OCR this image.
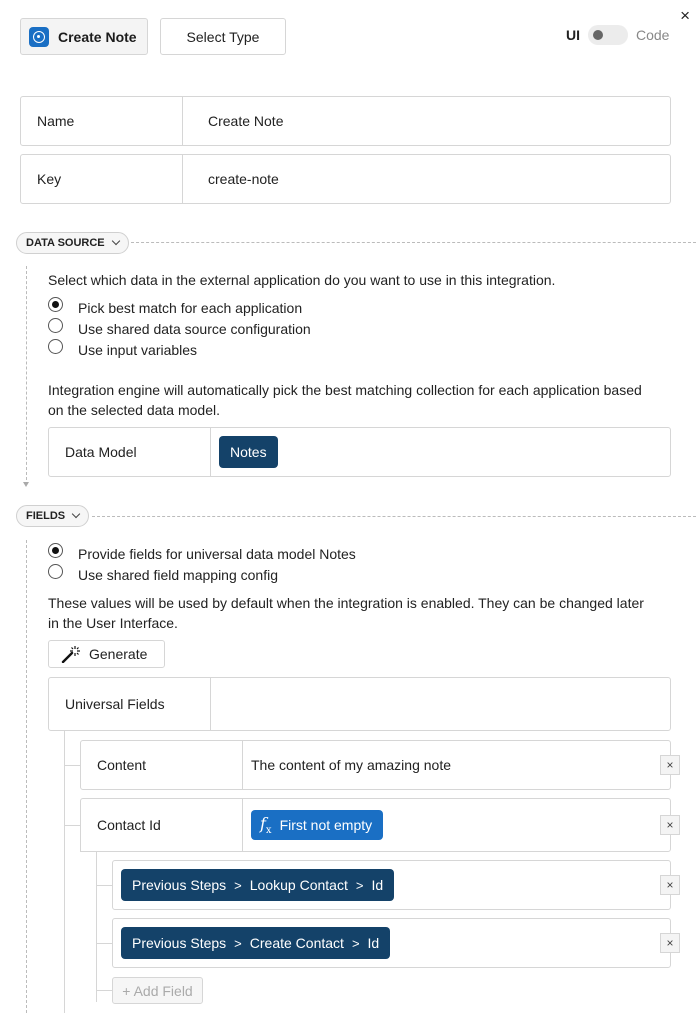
Create Note	Select Type
×
UI	Code
Name	Create Note
Key	create-note
DATA SOURCE
Select which data in the external application do you want to use in this integration.
Pick best match for each application
Use shared data source configuration
Use input variables
Integration engine will automatically pick the best matching collection for each application based
on the selected data model.
Data Model	Notes
FIELDS
Provide fields for universal data model Notes
Use shared field mapping config
These values will be used by default when the integration is enabled. They can be changed later
in the User Interface.
Generate
Universal Fields
Content	The content of my amazing note	×
Contact Id	$f_x$ First not empty	×
Previous Steps > Lookup Contact > Id	×
Previous Steps > Create Contact > Id	×
+ Add Field
